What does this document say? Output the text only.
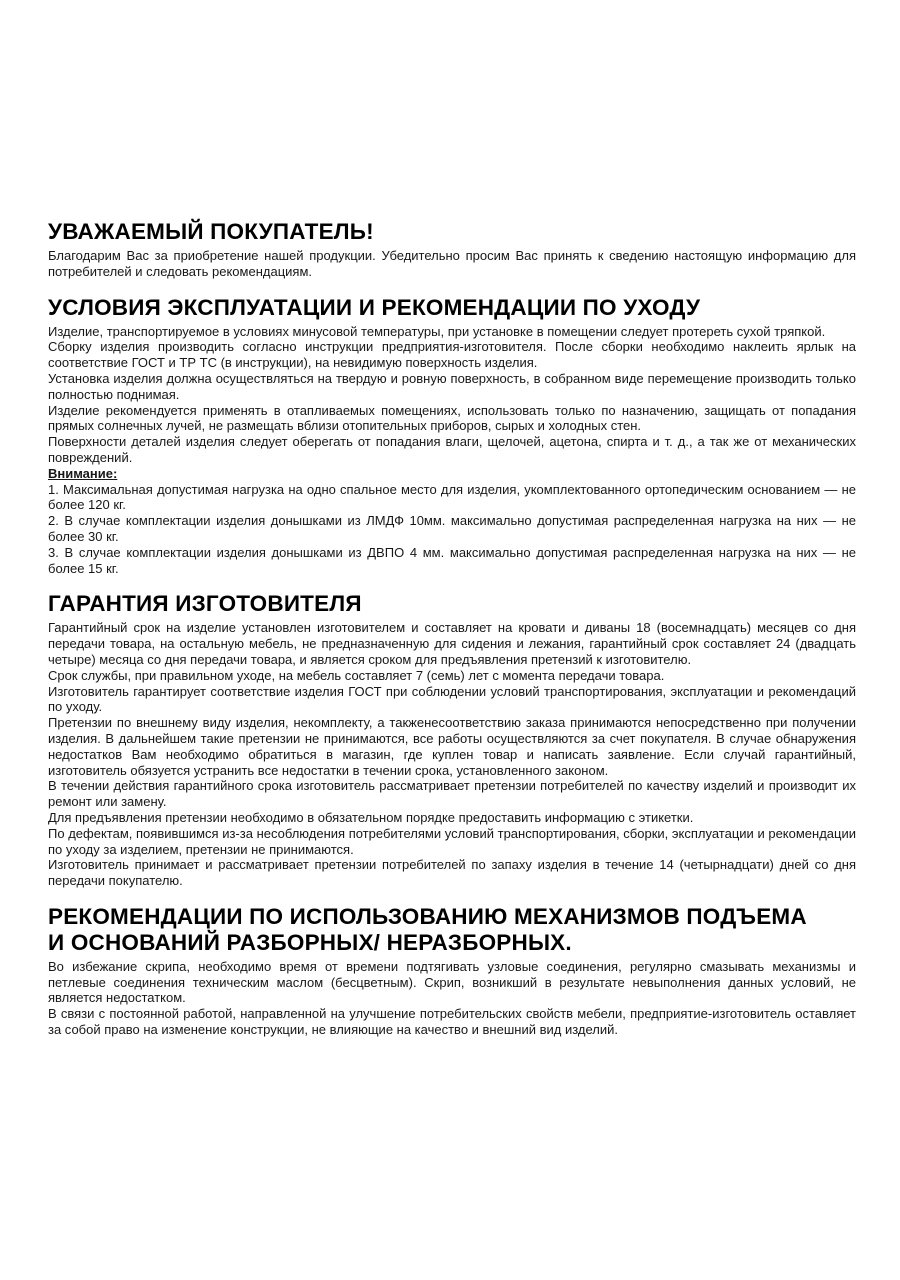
УВАЖАЕМЫЙ ПОКУПАТЕЛЬ!

Благодарим Вас за приобретение нашей продукции. Убедительно просим Вас принять к сведению настоящую информацию для потребителей и следовать рекомендациям.

УСЛОВИЯ ЭКСПЛУАТАЦИИ И РЕКОМЕНДАЦИИ ПО УХОДУ

Изделие, транспортируемое в условиях минусовой температуры, при установке в помещении следует протереть сухой тряпкой.

Сборку изделия производить согласно инструкции предприятия-изготовителя. После сборки необходимо наклеить ярлык на соответствие ГОСТ и ТР ТС (в инструкции), на невидимую поверхность изделия.

Установка изделия должна осуществляться на твердую и ровную поверхность, в собранном виде перемещение производить только полностью поднимая.

Изделие рекомендуется применять в отапливаемых помещениях, использовать только по назначению, защищать от попадания прямых солнечных лучей, не размещать вблизи отопительных приборов, сырых и холодных стен.

Поверхности деталей изделия следует оберегать от попадания влаги, щелочей, ацетона, спирта и т. д., а так же от механических повреждений.

Внимание:

1. Максимальная допустимая нагрузка на одно спальное место для изделия, укомплектованного ортопедическим основанием — не более 120 кг.

2. В случае комплектации изделия донышками из ЛМДФ 10мм. максимально допустимая распределенная нагрузка на них — не более 30 кг.

3. В случае комплектации изделия донышками из ДВПО 4 мм. максимально допустимая распределенная нагрузка на них — не более 15 кг.

ГАРАНТИЯ ИЗГОТОВИТЕЛЯ

Гарантийный срок на изделие установлен изготовителем и составляет на кровати и диваны 18 (восемнадцать) месяцев со дня передачи товара, на остальную мебель, не предназначенную для сидения и лежания, гарантийный срок составляет 24 (двадцать четыре) месяца со дня передачи товара, и является сроком для предъявления претензий к изготовителю.

Срок службы, при правильном уходе, на мебель составляет 7 (семь) лет с момента передачи товара.

Изготовитель гарантирует соответствие изделия ГОСТ при соблюдении условий транспортирования, эксплуатации и рекомендаций по уходу.

Претензии по внешнему виду изделия, некомплекту, а такженесоответствию заказа принимаются непосредственно при получении изделия. В дальнейшем такие претензии не принимаются, все работы осуществляются за счет покупателя. В случае обнаружения недостатков Вам необходимо обратиться в магазин, где куплен товар и написать заявление. Если случай гарантийный, изготовитель обязуется устранить все недостатки в течении срока, установленного законом.

В течении действия гарантийного срока изготовитель рассматривает претензии потребителей по качеству изделий и производит их ремонт или замену.

Для предъявления претензии необходимо в обязательном порядке предоставить информацию с этикетки.

По дефектам, появившимся из-за несоблюдения потребителями условий транспортирования, сборки, эксплуатации и рекомендации по уходу за изделием, претензии не принимаются.

Изготовитель принимает и рассматривает претензии потребителей по запаху изделия в течение 14 (четырнадцати) дней со дня передачи покупателю.

РЕКОМЕНДАЦИИ ПО ИСПОЛЬЗОВАНИЮ МЕХАНИЗМОВ ПОДЪЕМА
И ОСНОВАНИЙ РАЗБОРНЫХ/ НЕРАЗБОРНЫХ.

Во избежание скрипа, необходимо время от времени подтягивать узловые соединения, регулярно смазывать механизмы и петлевые соединения техническим маслом (бесцветным). Скрип, возникший в результате невыполнения данных условий, не является недостатком.

В связи с постоянной работой, направленной на улучшение потребительских свойств мебели, предприятие-изготовитель оставляет за собой право на изменение конструкции, не влияющие на качество и внешний вид изделий.
